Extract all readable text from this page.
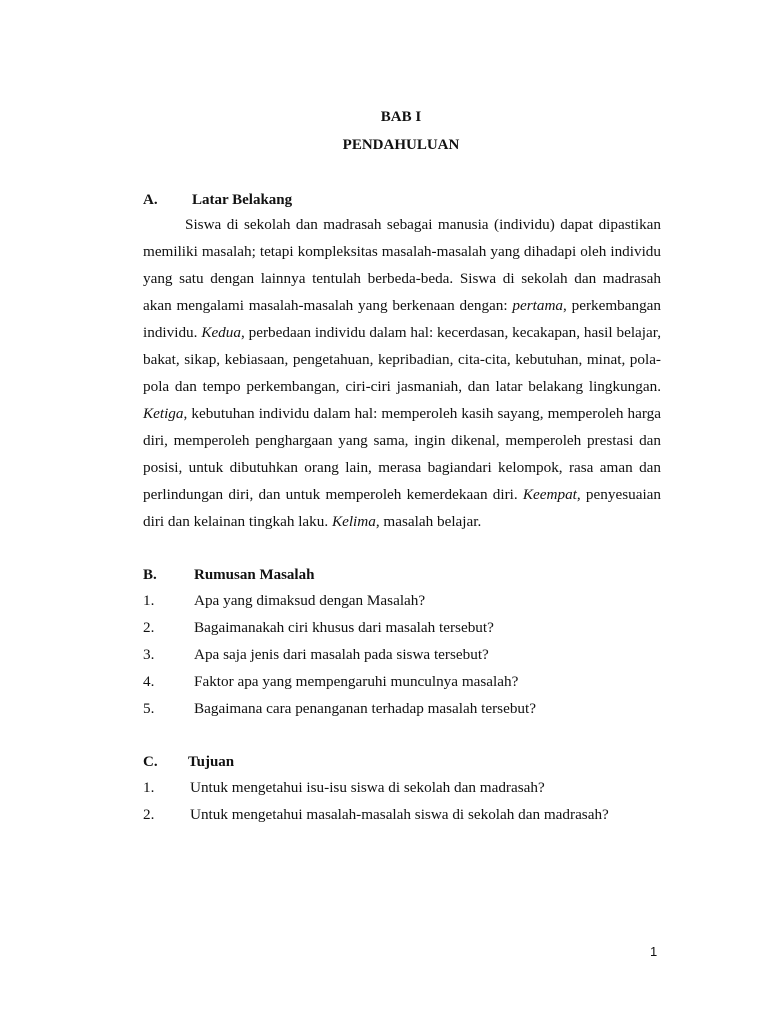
BAB I
PENDAHULUAN
A. Latar Belakang

Siswa di sekolah dan madrasah sebagai manusia (individu) dapat dipastikan memiliki masalah; tetapi kompleksitas masalah-masalah yang dihadapi oleh individu yang satu dengan lainnya tentulah berbeda-beda. Siswa di sekolah dan madrasah akan mengalami masalah-masalah yang berkenaan dengan: pertama, perkembangan individu. Kedua, perbedaan individu dalam hal: kecerdasan, kecakapan, hasil belajar, bakat, sikap, kebiasaan, pengetahuan, kepribadian, cita-cita, kebutuhan, minat, pola-pola dan tempo perkembangan, ciri-ciri jasmaniah, dan latar belakang lingkungan. Ketiga, kebutuhan individu dalam hal: memperoleh kasih sayang, memperoleh harga diri, memperoleh penghargaan yang sama, ingin dikenal, memperoleh prestasi dan posisi, untuk dibutuhkan orang lain, merasa bagiandari kelompok, rasa aman dan perlindungan diri, dan untuk memperoleh kemerdekaan diri. Keempat, penyesuaian diri dan kelainan tingkah laku. Kelima, masalah belajar.

B. Rumusan Masalah
1.	Apa yang dimaksud dengan Masalah?
2.	Bagaimanakah ciri khusus dari masalah tersebut?
3.	Apa saja jenis dari masalah pada siswa tersebut?
4.	Faktor apa yang mempengaruhi munculnya masalah?
5.	Bagaimana cara penanganan terhadap masalah tersebut?
C. Tujuan
1. Untuk mengetahui isu-isu siswa di sekolah dan madrasah?
2. Untuk mengetahui masalah-masalah siswa di sekolah dan madrasah?
1
